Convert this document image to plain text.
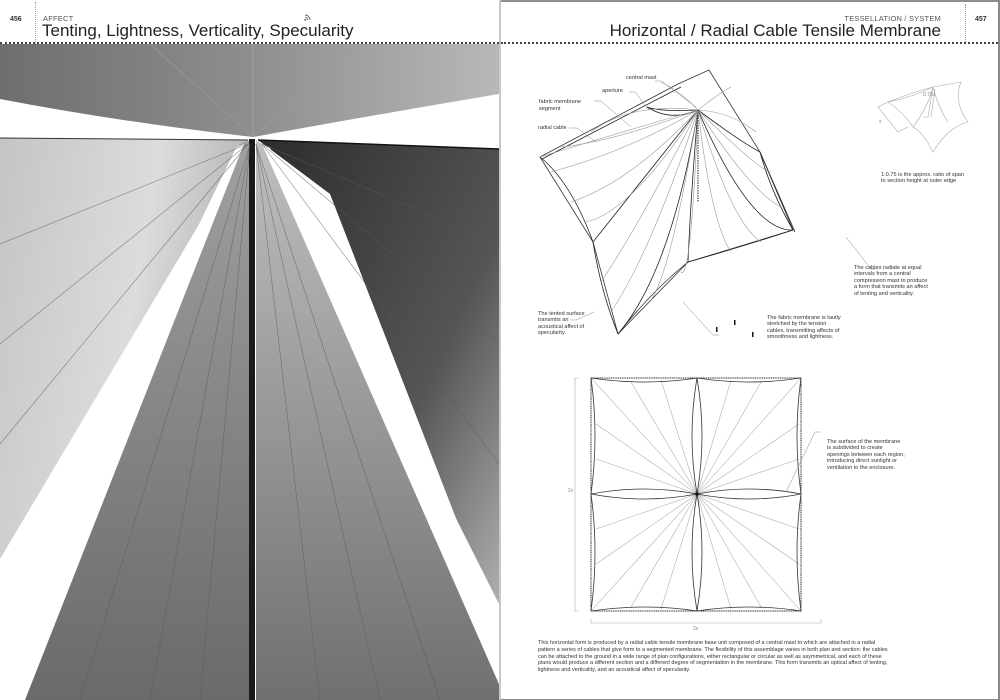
456	AFFECT
Tenting, Lightness, Verticality, Specularity
TESSELLATION / SYSTEM
Horizontal / Radial Cable Tensile Membrane
457
central mast
aperture
fabric membrane
segment
radial cable
The cables radiate at equal
intervals from a central
compression mast to produce
a form that transmits an affect
of tenting and verticality.
The tented surface
transmits an
acoustical affect of
specularity.
The fabric membrane is tautly
stretched by the tension
cables, transmitting affects of
smoothness and lightness.
0.75x
x
1:0.75 is the approx. ratio of span
to section height at outer edge
2x
2x
The surface of the membrane
is subdivided to create
openings between each region,
introducing direct sunlight or
ventilation to the enclosure.
This horizontal form is produced by a radial cable tensile membrane base unit composed of a central mast to which are attached in a radial
pattern a series of cables that give form to a segmented membrane. The flexibility of this assemblage varies in both plan and section: the cables
can be attached to the ground in a wide range of plan configurations, either rectangular or circular as well as asymmetrical, and each of these
plans would produce a different section and a different degree of segmentation in the membrane. This form transmits an optical affect of tenting,
lightness and verticality, and an acoustical affect of specularity.
